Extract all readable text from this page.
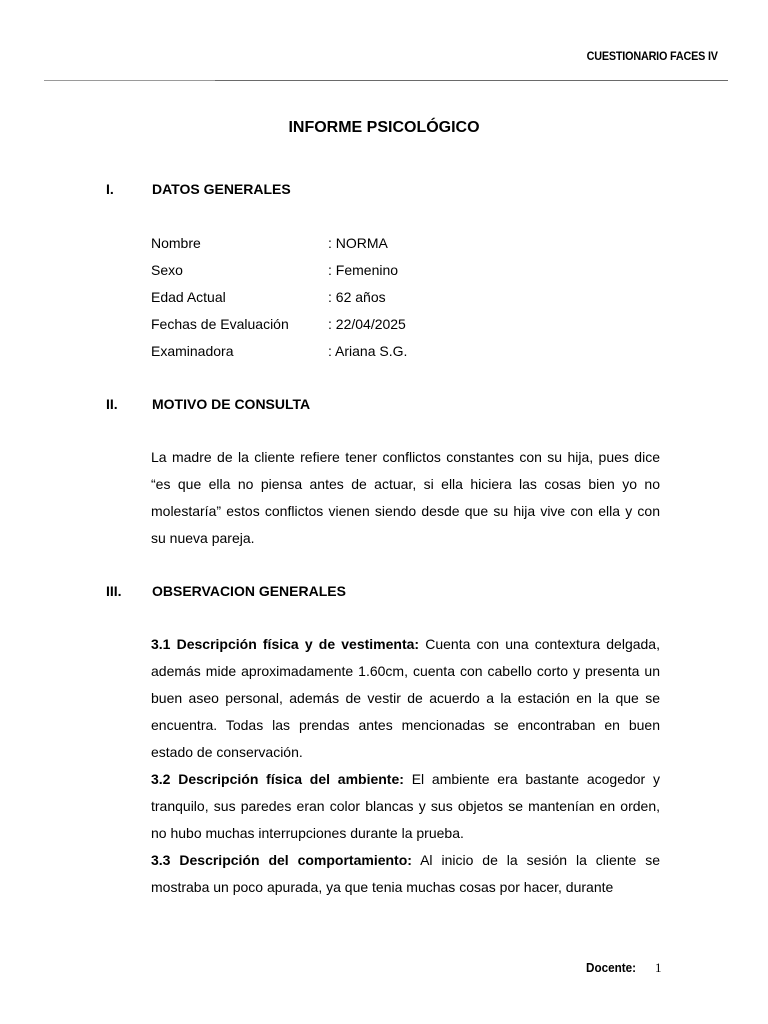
CUESTIONARIO FACES IV
INFORME PSICOLÓGICO
I.	DATOS GENERALES
Nombre	: NORMA
Sexo	: Femenino
Edad Actual	: 62 años
Fechas de Evaluación	: 22/04/2025
Examinadora	: Ariana S.G.
II. MOTIVO DE CONSULTA
La madre de la cliente refiere tener conflictos constantes con su hija, pues dice “es que ella no piensa antes de actuar, si ella hiciera las cosas bien yo no molestaría” estos conflictos vienen siendo desde que su hija vive con ella y con su nueva pareja.
III. OBSERVACION GENERALES
3.1 Descripción física y de vestimenta: Cuenta con una contextura delgada, además mide aproximadamente 1.60cm, cuenta con cabello corto y presenta un buen aseo personal, además de vestir de acuerdo a la estación en la que se encuentra. Todas las prendas antes mencionadas se encontraban en buen estado de conservación.
3.2 Descripción física del ambiente: El ambiente era bastante acogedor y tranquilo, sus paredes eran color blancas y sus objetos se mantenían en orden, no hubo muchas interrupciones durante la prueba.
3.3 Descripción del comportamiento: Al inicio de la sesión la cliente se mostraba un poco apurada, ya que tenia muchas cosas por hacer, durante
Docente: 1
